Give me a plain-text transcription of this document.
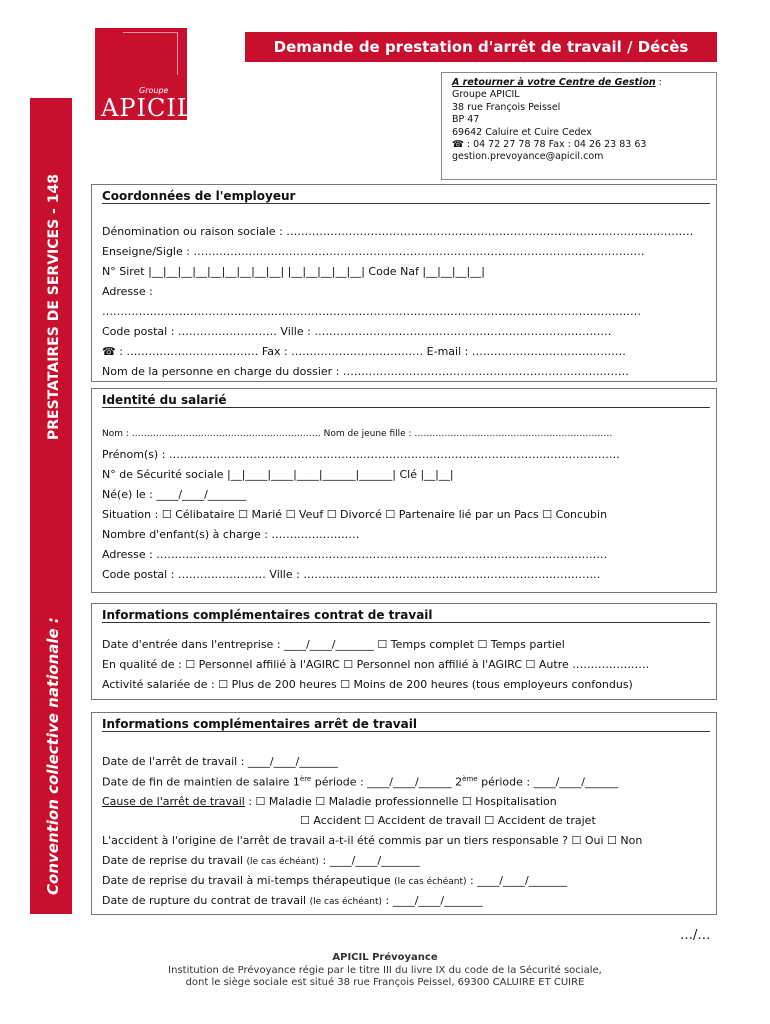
Groupe
APICIL
Demande de prestation d'arrêt de travail / Décès
PRESTATAIRES DE SERVICES - 148
Convention collective nationale :
A retourner à votre Centre de Gestion :
Groupe APICIL
38 rue François Peissel
BP 47
69642 Caluire et Cuire Cedex
☎ : 04 72 27 78 78 Fax : 04 26 23 83 63
gestion.prevoyance@apicil.com
Coordonnées de l'employeur
Dénomination ou raison sociale : …………………………………………………………………………………………………
Enseigne/Sigle : ……………………………………………………………………………………………………………
N° Siret |__|__|__|__|__|__|__|__|__| |__|__|__|__|__| Code Naf |__|__|__|__|
Adresse :
…………………………………………………………………………………………………………………………………
Code postal : ……………………… Ville : ………………………………………………………………………
☎ : ……………………………… Fax : ……………………………… E-mail : ……………………………………
Nom de la personne en charge du dossier : ……………………………………………………………………
Identité du salarié
Nom : ……………………………………………………… Nom de jeune fille : …………………………………………………………
Prénom(s) : ……………………………………………………………………………………………………………
N° de Sécurité sociale |__|____|____|____|______|______| Clé |__|__|
Né(e) le : ____/____/_______
Situation : ☐ Célibataire ☐ Marié ☐ Veuf ☐ Divorcé ☐ Partenaire lié par un Pacs ☐ Concubin
Nombre d'enfant(s) à charge : ……………………
Adresse : ……………………………………………………………………………………………………………
Code postal : …………………… Ville : ………………………………………………………………………
Informations complémentaires contrat de travail
Date d'entrée dans l'entreprise : ____/____/_______ ☐ Temps complet ☐ Temps partiel
En qualité de : ☐ Personnel affilié à l'AGIRC ☐ Personnel non affilié à l'AGIRC ☐ Autre …………………
Activité salariée de : ☐ Plus de 200 heures ☐ Moins de 200 heures (tous employeurs confondus)
Informations complémentaires arrêt de travail
Date de l'arrêt de travail : ____/____/_______
Date de fin de maintien de salaire 1ère période : ____/____/______ 2ème période : ____/____/______
Cause de l'arrêt de travail : ☐ Maladie ☐ Maladie professionnelle ☐ Hospitalisation
☐ Accident ☐ Accident de travail ☐ Accident de trajet
L'accident à l'origine de l'arrêt de travail a-t-il été commis par un tiers responsable ? ☐ Oui ☐ Non
Date de reprise du travail (le cas échéant) : ____/____/_______
Date de reprise du travail à mi-temps thérapeutique (le cas échéant) : ____/____/_______
Date de rupture du contrat de travail (le cas échéant) : ____/____/_______
…/…
APICIL Prévoyance
Institution de Prévoyance régie par le titre III du livre IX du code de la Sécurité sociale,
dont le siège sociale est situé 38 rue François Peissel, 69300 CALUIRE ET CUIRE
